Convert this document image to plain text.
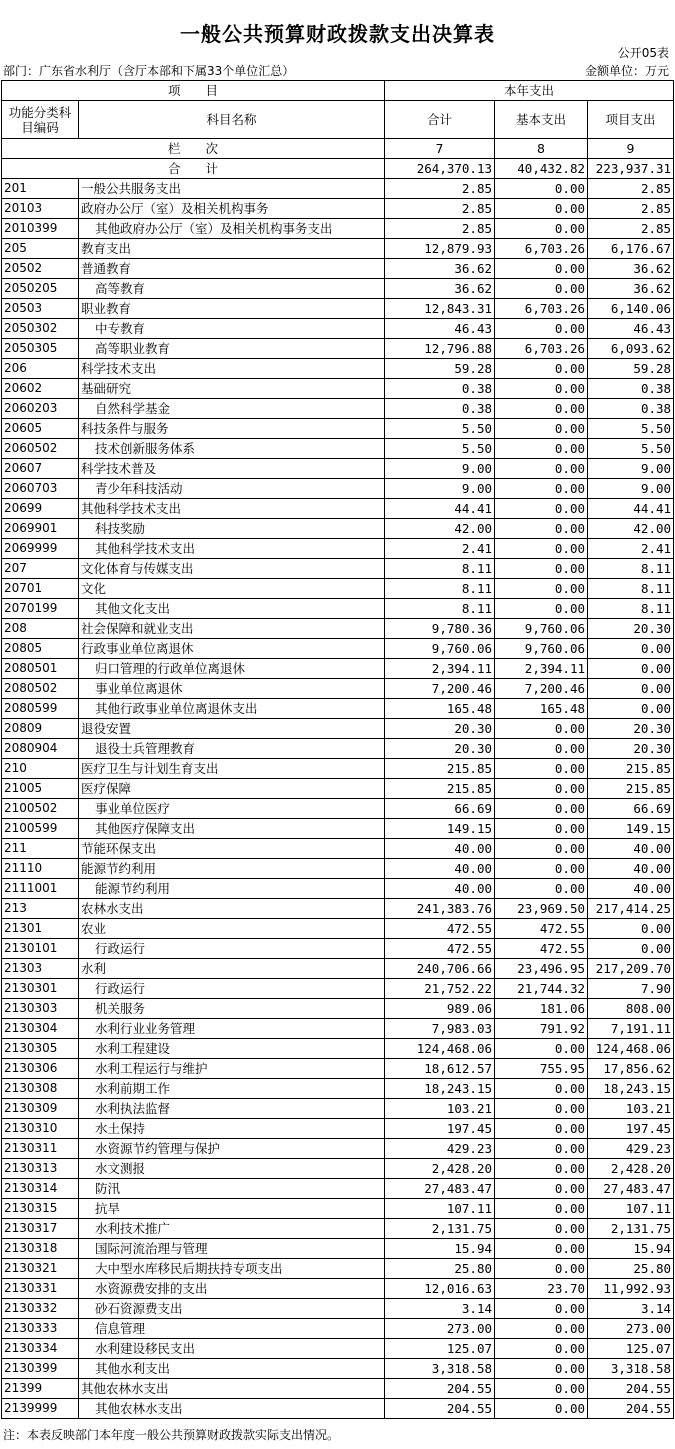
一般公共预算财政拨款支出决算表
公开05表
部门：广东省水利厅（含厅本部和下属33个单位汇总）	金额单位：万元
项　　目		本年支出		
功能分类科目编码	科目名称	合计	基本支出	项目支出
栏　　次		7	8	9
合　　计		264,370.13	40,432.82	223,937.31
201	一般公共服务支出	2.85	0.00	2.85
20103	政府办公厅（室）及相关机构事务	2.85	0.00	2.85
2010399	其他政府办公厅（室）及相关机构事务支出	2.85	0.00	2.85
205	教育支出	12,879.93	6,703.26	6,176.67
20502	普通教育	36.62	0.00	36.62
2050205	高等教育	36.62	0.00	36.62
20503	职业教育	12,843.31	6,703.26	6,140.06
2050302	中专教育	46.43	0.00	46.43
2050305	高等职业教育	12,796.88	6,703.26	6,093.62
206	科学技术支出	59.28	0.00	59.28
20602	基础研究	0.38	0.00	0.38
2060203	自然科学基金	0.38	0.00	0.38
20605	科技条件与服务	5.50	0.00	5.50
2060502	技术创新服务体系	5.50	0.00	5.50
20607	科学技术普及	9.00	0.00	9.00
2060703	青少年科技活动	9.00	0.00	9.00
20699	其他科学技术支出	44.41	0.00	44.41
2069901	科技奖励	42.00	0.00	42.00
2069999	其他科学技术支出	2.41	0.00	2.41
207	文化体育与传媒支出	8.11	0.00	8.11
20701	文化	8.11	0.00	8.11
2070199	其他文化支出	8.11	0.00	8.11
208	社会保障和就业支出	9,780.36	9,760.06	20.30
20805	行政事业单位离退休	9,760.06	9,760.06	0.00
2080501	归口管理的行政单位离退休	2,394.11	2,394.11	0.00
2080502	事业单位离退休	7,200.46	7,200.46	0.00
2080599	其他行政事业单位离退休支出	165.48	165.48	0.00
20809	退役安置	20.30	0.00	20.30
2080904	退役士兵管理教育	20.30	0.00	20.30
210	医疗卫生与计划生育支出	215.85	0.00	215.85
21005	医疗保障	215.85	0.00	215.85
2100502	事业单位医疗	66.69	0.00	66.69
2100599	其他医疗保障支出	149.15	0.00	149.15
211	节能环保支出	40.00	0.00	40.00
21110	能源节约利用	40.00	0.00	40.00
2111001	能源节约利用	40.00	0.00	40.00
213	农林水支出	241,383.76	23,969.50	217,414.25
21301	农业	472.55	472.55	0.00
2130101	行政运行	472.55	472.55	0.00
21303	水利	240,706.66	23,496.95	217,209.70
2130301	行政运行	21,752.22	21,744.32	7.90
2130303	机关服务	989.06	181.06	808.00
2130304	水利行业业务管理	7,983.03	791.92	7,191.11
2130305	水利工程建设	124,468.06	0.00	124,468.06
2130306	水利工程运行与维护	18,612.57	755.95	17,856.62
2130308	水利前期工作	18,243.15	0.00	18,243.15
2130309	水利执法监督	103.21	0.00	103.21
2130310	水土保持	197.45	0.00	197.45
2130311	水资源节约管理与保护	429.23	0.00	429.23
2130313	水文测报	2,428.20	0.00	2,428.20
2130314	防汛	27,483.47	0.00	27,483.47
2130315	抗旱	107.11	0.00	107.11
2130317	水利技术推广	2,131.75	0.00	2,131.75
2130318	国际河流治理与管理	15.94	0.00	15.94
2130321	大中型水库移民后期扶持专项支出	25.80	0.00	25.80
2130331	水资源费安排的支出	12,016.63	23.70	11,992.93
2130332	砂石资源费支出	3.14	0.00	3.14
2130333	信息管理	273.00	0.00	273.00
2130334	水利建设移民支出	125.07	0.00	125.07
2130399	其他水利支出	3,318.58	0.00	3,318.58
21399	其他农林水支出	204.55	0.00	204.55
2139999	其他农林水支出	204.55	0.00	204.55
注：本表反映部门本年度一般公共预算财政拨款实际支出情况。
